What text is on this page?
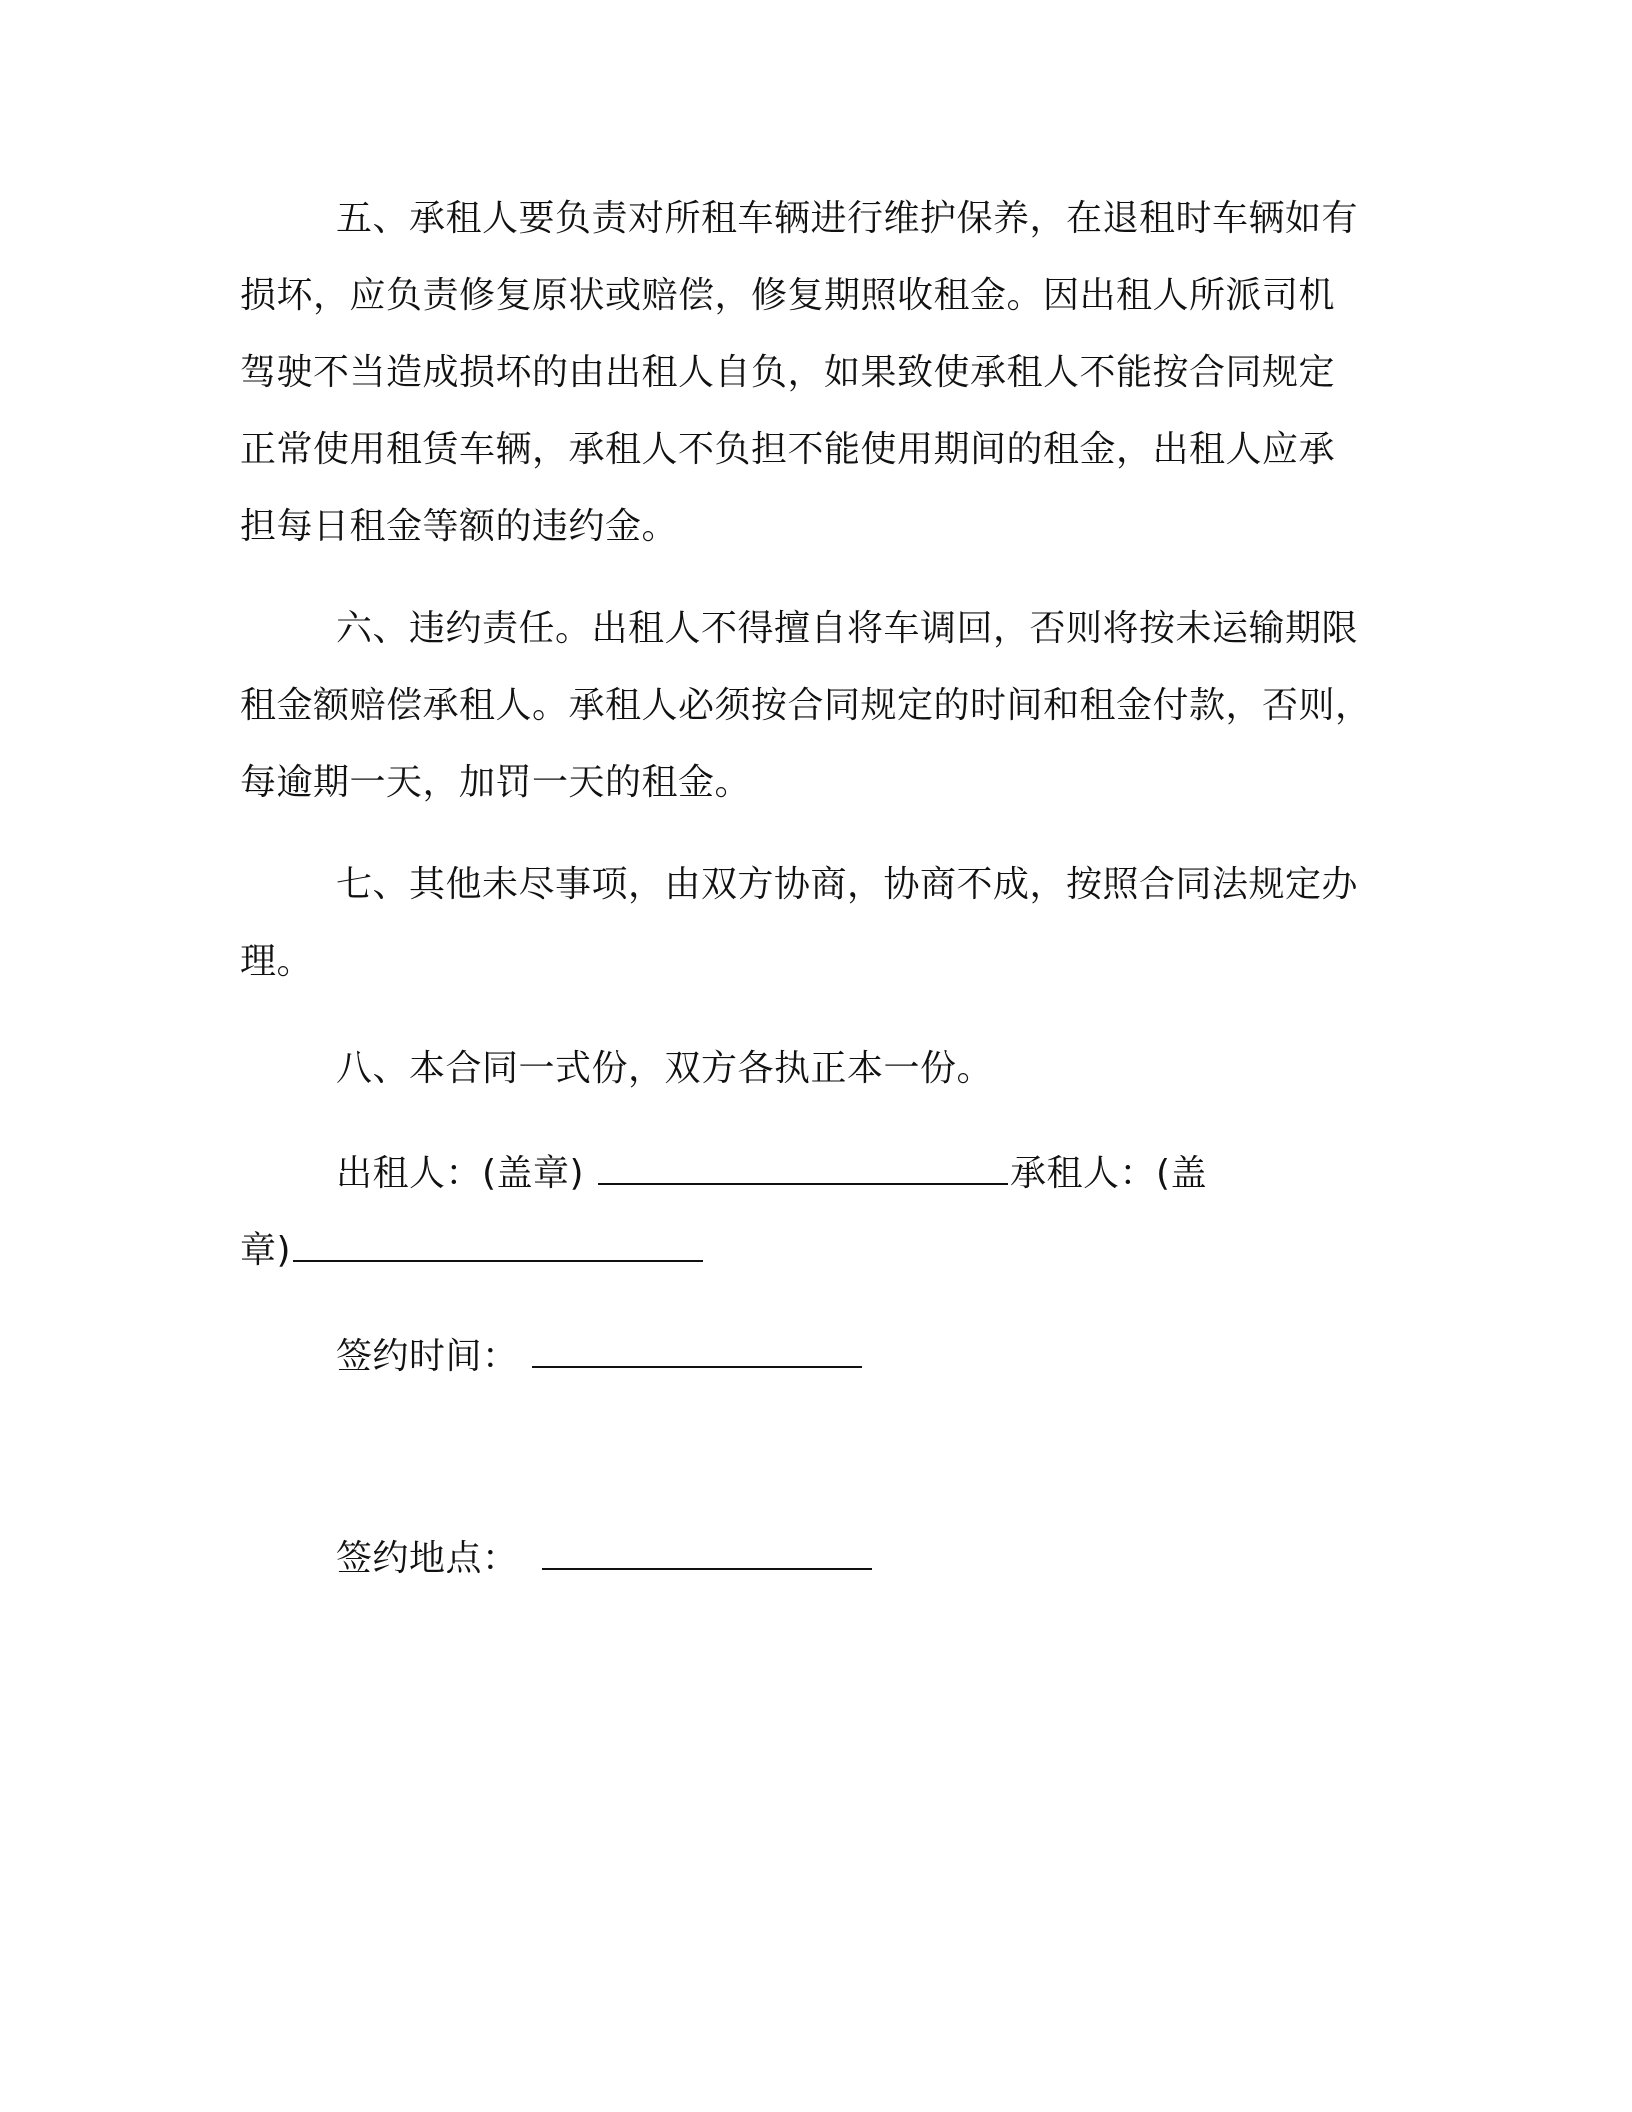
五、承租人要负责对所租车辆进行维护保养，在退租时车辆如有
损坏，应负责修复原状或赔偿，修复期照收租金。因出租人所派司机
驾驶不当造成损坏的由出租人自负，如果致使承租人不能按合同规定
正常使用租赁车辆，承租人不负担不能使用期间的租金，出租人应承
担每日租金等额的违约金。
六、违约责任。出租人不得擅自将车调回，否则将按未运输期限
租金额赔偿承租人。承租人必须按合同规定的时间和租金付款，否则，
每逾期一天，加罚一天的租金。
七、其他未尽事项，由双方协商，协商不成，按照合同法规定办
理。
八、本合同一式份，双方各执正本一份。
出租人：(盖章)	承租人：(盖
章)
签约时间：
签约地点：
